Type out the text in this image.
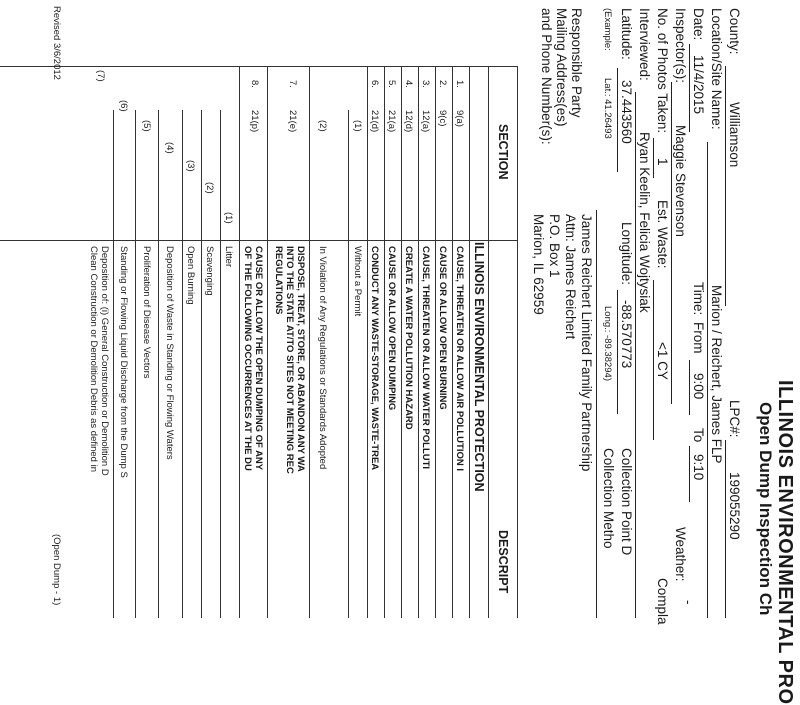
ILLINOIS ENVIRONMENTAL PRO
Open Dump Inspection Ch
County:
Williamson
LPC#:
199055290
Location/Site Name:
Marion / Reichert, James FLP
Date:
11/4/2015
Time:
From
9:00
To
9:10
Inspector(s):
Maggie Stevenson
Weather:
-
No. of Photos Taken:
1
Est. Waste:
<1 CY
Compla
Interviewed:
Ryan Keelin, Felicia Wojtysiak
Latitude:
37.443560
Longitude:
-88.570773
Collection Point D
(Example:
Lat.: 41.26493
Long.: -89.38294)
Collection Metho
Responsible Party
Mailing Address(es)
and Phone Number(s):
James Reichert Limited Family Partnership
Attn: James Reichert
P.O. Box 1
Marion, IL 62959
SECTION
DESCRIPT
ILLINOIS ENVIRONMENTAL PROTECTION
1.
9(a)
CAUSE, THREATEN OR ALLOW AIR POLLUTION I
2.
9(c)
CAUSE OR ALLOW OPEN BURNING
3.
12(a)
CAUSE, THREATEN OR ALLOW WATER POLLUTI
4.
12(d)
CREATE A WATER POLLUTION HAZARD
5.
21(a)
CAUSE OR ALLOW OPEN DUMPING
6.
21(d)
CONDUCT ANY WASTE-STORAGE, WASTE-TREA
(1)
Without a Permit
(2)
In Violation of Any Regulations or Standards Adopted
7.
21(e)
DISPOSE, TREAT, STORE, OR ABANDON ANY WA
INTO THE STATE AT/TO SITES NOT MEETING REC
REGULATIONS
8.
21(p)
CAUSE OR ALLOW THE OPEN DUMPING OF ANY
OF THE FOLLOWING OCCURRENCES AT THE DU
(1)
Litter
(2)
Scavenging
(3)
Open Burning
(4)
Deposition of Waste in Standing or Flowing Waters
(5)
Proliferation of Disease Vectors
(6)
Standing or Flowing Liquid Discharge from the Dump S
(7)
Deposition of: (i) General Construction or Demolition D
Clean Construction or Demolition Debris as defined in
Revised 3/6/2012
(Open Dump - 1)
